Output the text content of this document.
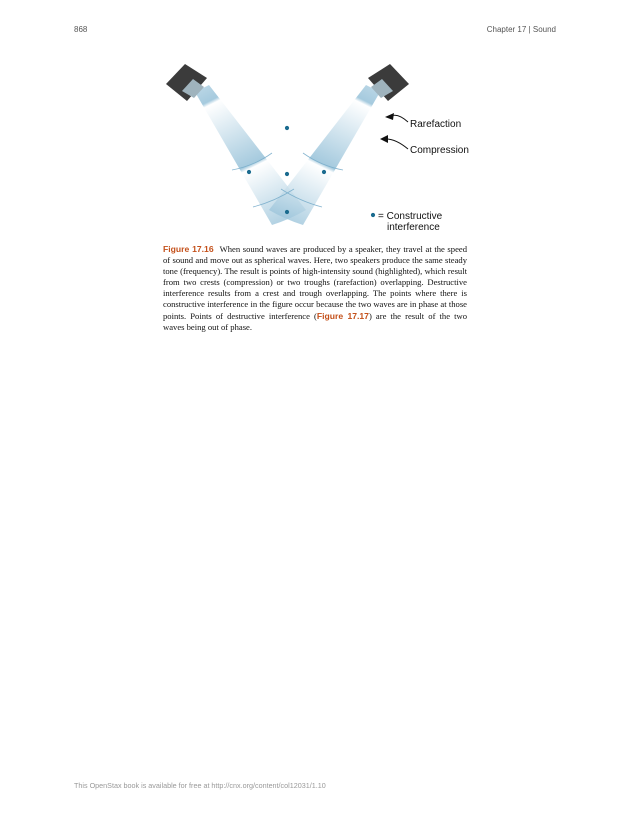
868	Chapter 17 | Sound
Rarefaction
Compression
= Constructive
interference

Figure 17.16 When sound waves are produced by a speaker, they travel at the speed of sound and move out as spherical waves. Here, two speakers produce the same steady tone (frequency). The result is points of high-intensity sound (highlighted), which result from two crests (compression) or two troughs (rarefaction) overlapping. Destructive interference results from a crest and trough overlapping. The points where there is constructive interference in the figure occur because the two waves are in phase at those points. Points of destructive interference (Figure 17.17) are the result of the two waves being out of phase.

This OpenStax book is available for free at http://cnx.org/content/col12031/1.10
